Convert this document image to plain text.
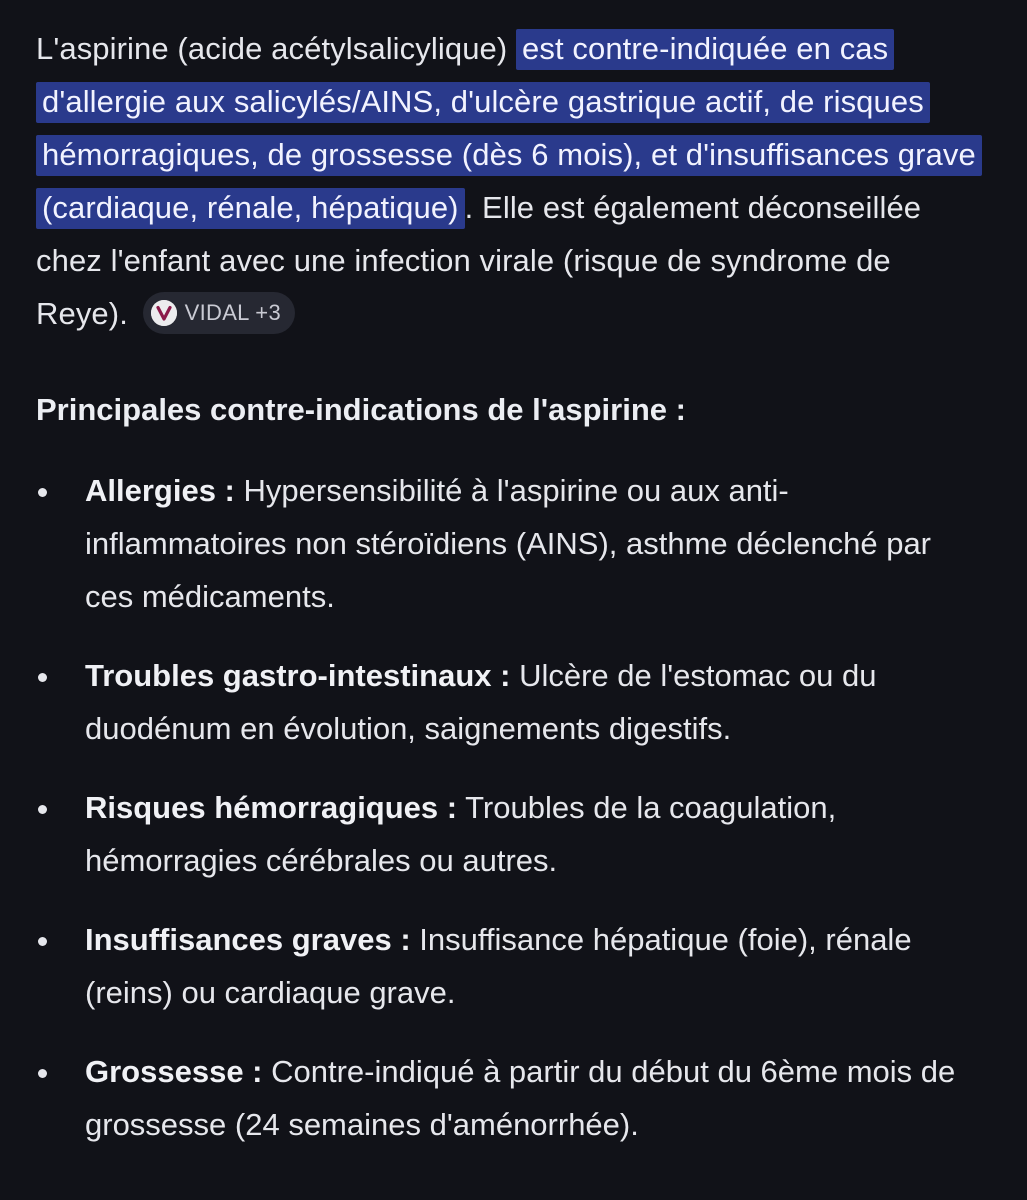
L'aspirine (acide acétylsalicylique) est contre-indiquée en cas d'allergie aux salicylés/AINS, d'ulcère gastrique actif, de risques hémorragiques, de grossesse (dès 6 mois), et d'insuffisances grave (cardiaque, rénale, hépatique) . Elle est également déconseillée chez l'enfant avec une infection virale (risque de syndrome de Reye).	VIDAL +3

Principales contre-indications de l'aspirine :
Allergies : Hypersensibilité à l'aspirine ou aux anti-inflammatoires non stéroïdiens (AINS), asthme déclenché par ces médicaments.
Troubles gastro-intestinaux : Ulcère de l'estomac ou du duodénum en évolution, saignements digestifs.
Risques hémorragiques : Troubles de la coagulation, hémorragies cérébrales ou autres.
Insuffisances graves : Insuffisance hépatique (foie), rénale (reins) ou cardiaque grave.
Grossesse : Contre-indiqué à partir du début du 6ème mois de grossesse (24 semaines d'aménorrhée).
